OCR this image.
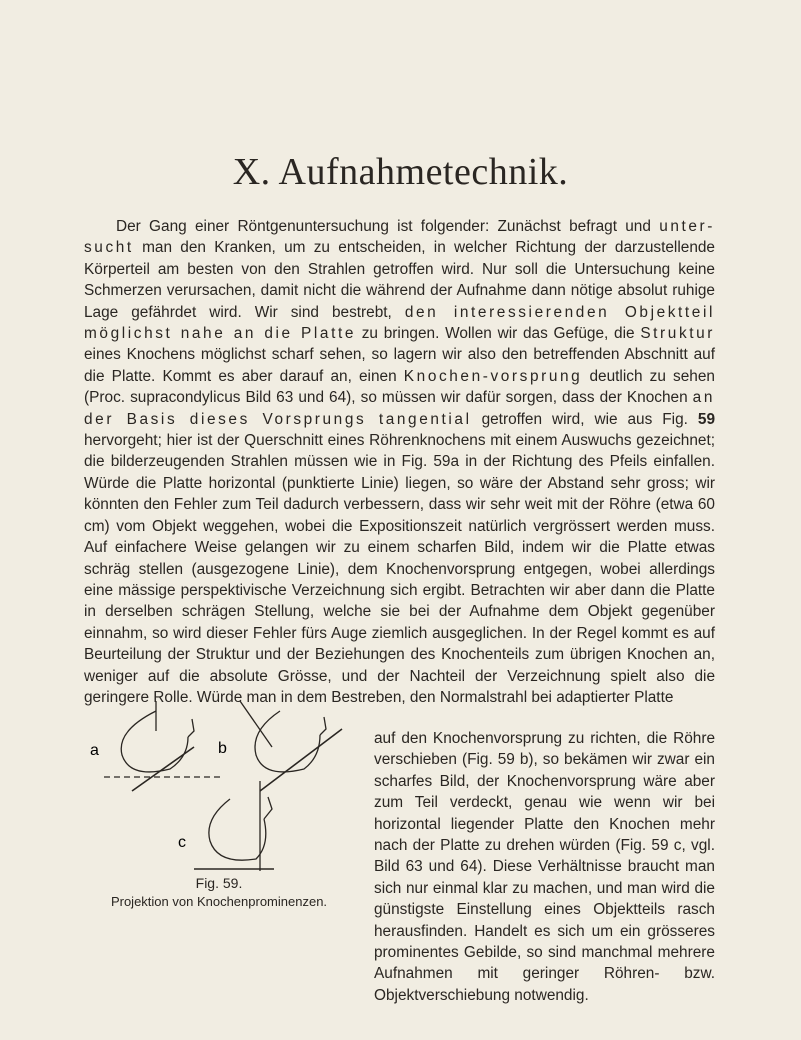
X. Aufnahmetechnik.
Der Gang einer Röntgenuntersuchung ist folgender: Zunächst befragt und unter-sucht man den Kranken, um zu entscheiden, in welcher Richtung der darzustellende Körperteil am besten von den Strahlen getroffen wird. Nur soll die Untersuchung keine Schmerzen verursachen, damit nicht die während der Aufnahme dann nötige absolut ruhige Lage gefährdet wird. Wir sind bestrebt, den interessierenden Objektteil möglichst nahe an die Platte zu bringen. Wollen wir das Gefüge, die Struktur eines Knochens möglichst scharf sehen, so lagern wir also den betreffenden Abschnitt auf die Platte. Kommt es aber darauf an, einen Knochen-vorsprung deutlich zu sehen (Proc. supracondylicus Bild 63 und 64), so müssen wir dafür sorgen, dass der Knochen an der Basis dieses Vorsprungs tangential getroffen wird, wie aus Fig. 59 hervorgeht; hier ist der Querschnitt eines Röhrenknochens mit einem Auswuchs gezeichnet; die bilderzeugenden Strahlen müssen wie in Fig. 59a in der Richtung des Pfeils einfallen. Würde die Platte horizontal (punktierte Linie) liegen, so wäre der Abstand sehr gross; wir könnten den Fehler zum Teil dadurch verbessern, dass wir sehr weit mit der Röhre (etwa 60 cm) vom Objekt weggehen, wobei die Expositionszeit natürlich vergrössert werden muss. Auf einfachere Weise gelangen wir zu einem scharfen Bild, indem wir die Platte etwas schräg stellen (ausgezogene Linie), dem Knochenvorsprung entgegen, wobei allerdings eine mässige perspektivische Verzeichnung sich ergibt. Betrachten wir aber dann die Platte in derselben schrägen Stellung, welche sie bei der Aufnahme dem Objekt gegenüber einnahm, so wird dieser Fehler fürs Auge ziemlich ausgeglichen. In der Regel kommt es auf Beurteilung der Struktur und der Beziehungen des Knochenteils zum übrigen Knochen an, weniger auf die absolute Grösse, und der Nachteil der Verzeichnung spielt also die geringere Rolle. Würde man in dem Bestreben, den Normalstrahl bei adaptierter Platte
a	b
c
Fig. 59.
Projektion von Knochenprominenzen.
auf den Knochenvorsprung zu richten, die Röhre verschieben (Fig. 59 b), so bekämen wir zwar ein scharfes Bild, der Knochenvorsprung wäre aber zum Teil verdeckt, genau wie wenn wir bei horizontal liegender Platte den Knochen mehr nach der Platte zu drehen würden (Fig. 59 c, vgl. Bild 63 und 64). Diese Verhältnisse braucht man sich nur einmal klar zu machen, und man wird die günstigste Einstellung eines Objektteils rasch herausfinden. Handelt es sich um ein grösseres prominentes Gebilde, so sind manchmal mehrere Aufnahmen mit geringer Röhren- bzw. Objektverschiebung notwendig.
